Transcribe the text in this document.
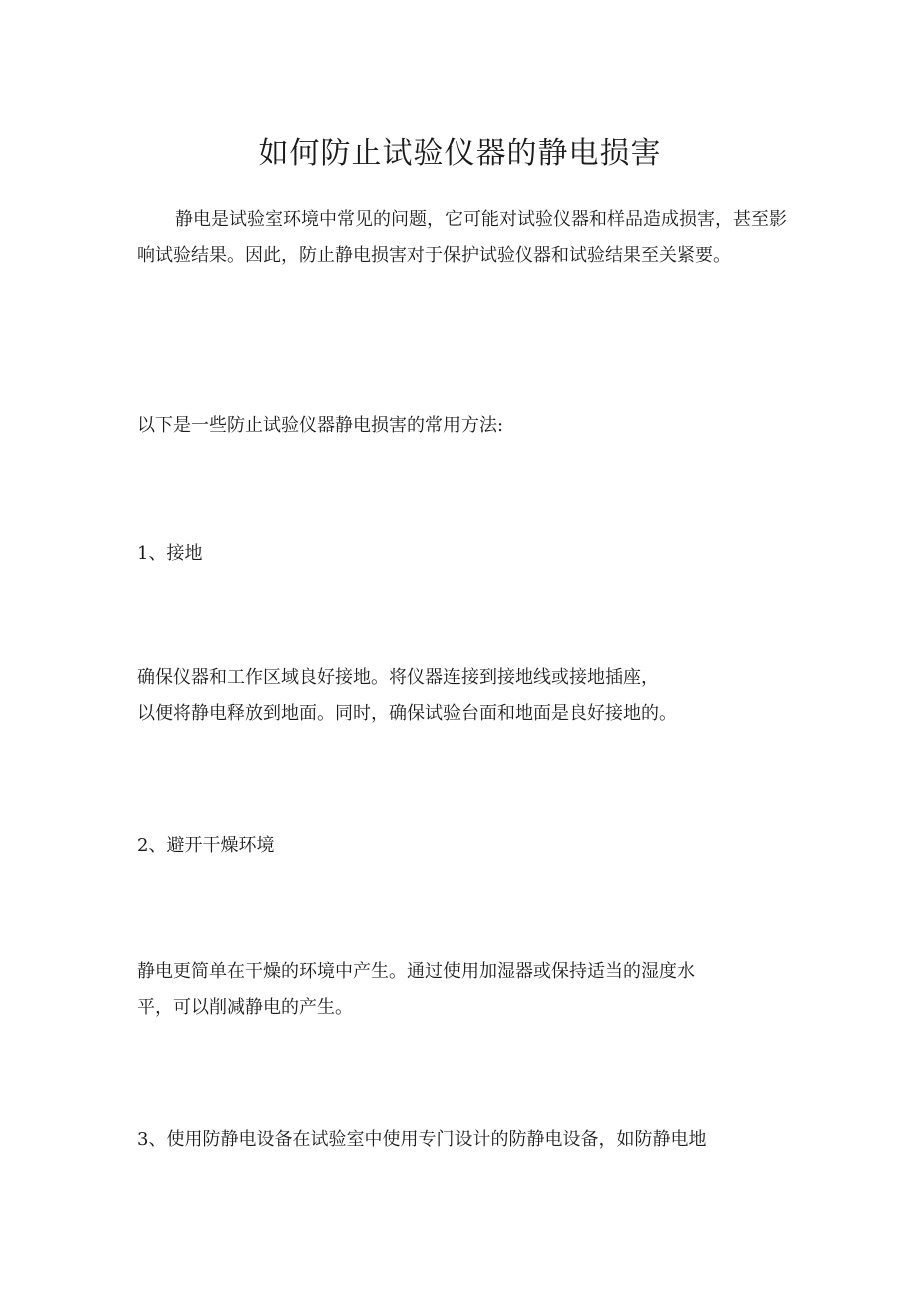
如何防止试验仪器的静电损害

静电是试验室环境中常见的问题，它可能对试验仪器和样品造成损害，甚至影响试验结果。因此，防止静电损害对于保护试验仪器和试验结果至关紧要。

以下是一些防止试验仪器静电损害的常用方法:

1、接地

确保仪器和工作区域良好接地。将仪器连接到接地线或接地插座，
以便将静电释放到地面。同时，确保试验台面和地面是良好接地的。

2、避开干燥环境

静电更简单在干燥的环境中产生。通过使用加湿器或保持适当的湿度水
平，可以削减静电的产生。

3、使用防静电设备在试验室中使用专门设计的防静电设备，如防静电地
